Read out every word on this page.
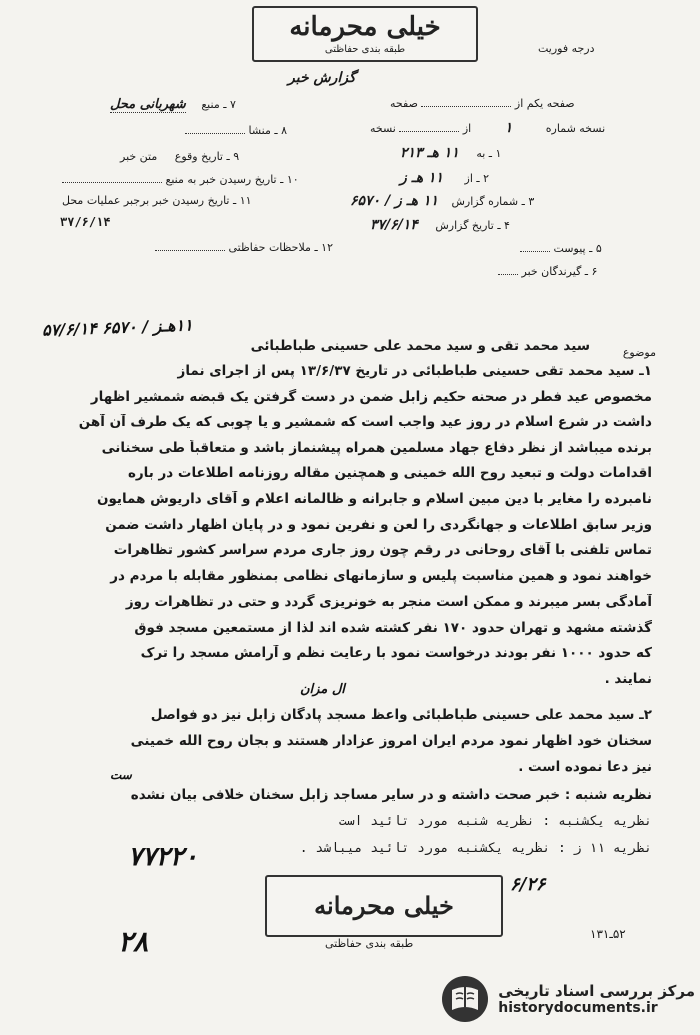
خیلی محرمانه
طبقه بندی حفاظتی	درجه فوریت
گزارش خبر
۷ ـ منبع شهربانی محل
۸ ـ منشا
۹ ـ تاریخ وقوع متن خبر
۱۰ ـ تاریخ رسیدن خبر به منبع
۱۱ ـ تاریخ رسیدن خبر برجبر عملیات محل
۳۷/۶/۱۴
۱۲ ـ ملاحظات حفاظتی
صفحه یکم از  صفحه
نسخه شماره ۱ از  نسخه
۱ ـ به ۱۱ هـ ۲۱۳
۲ ـ از ۱۱ هـ ز
۳ ـ شماره گزارش ۱۱ هـ ز / ۶۵۷۰
۴ ـ تاریخ گزارش ۳۷/۶/۱۴
۵ ـ پیوست
۶ ـ گیرندگان خبر
۱۱هـز / ۶۵۷۰ ۵۷/۶/۱۴
موضوع
سید محمد تقی و سید محمد علی حسینی طباطبائی
۱ـ سید محمد تقی حسینی طباطبائی در تاریخ ۱۳/۶/۳۷ پس از اجرای نماز
مخصوص عید فطر در صحنه حکیم زابل ضمن در دست گرفتن یک قبضه شمشیر اظهار
داشت در شرع اسلام در روز عید واجب است که شمشیر و یا چوبی که یک طرف آن آهن
برنده میباشد از نظر دفاع جهاد مسلمین همراه پیشنماز باشد و متعاقباً طی سخنانی
اقدامات دولت و تبعید روح الله خمینی و همچنین مقاله روزنامه اطلاعات در باره
نامبرده را مغایر با دین مبین اسلام و جابرانه و ظالمانه اعلام و آقای داریوش همایون
وزیر سابق اطلاعات و جهانگردی را لعن و نفرین نمود و در پایان اظهار داشت ضمن
تماس تلفنی با آقای روحانی در رقم چون روز جاری مردم سراسر کشور تظاهرات
خواهند نمود و همین مناسبت پلیس و سازمانهای نظامی بمنظور مقابله با مردم در
آمادگی بسر میبرند و ممکن است منجر به خونریزی گردد و حتی در تظاهرات روز
گذشته مشهد و تهران حدود ۱۷۰ نفر کشته شده اند لذا از مستمعین مسجد فوق
که حدود ۱۰۰۰ نفر بودند درخواست نمود با رعایت نظم و آرامش مسجد را ترک
نمایند .
ال مزان
۲ـ سید محمد علی حسینی طباطبائی واعظ مسجد پادگان زابل نیز دو فواصل
سخنان خود اظهار نمود مردم ایران امروز عزادار هستند و بجان روح الله خمینی
نیز دعا نموده است .
ست
نظریه شنبه : خبر صحت داشته و در سایر مساجد زابل سخنان خلافی بیان نشده
نظریه یکشنبه : نظریه شنبه مورد تائید است
نظریه ۱۱ ز : نظریه یکشنبه مورد تائید میباشد .
۷۷۲۲۰
خیلی محرمانه
۶/۲۶
طبقه بندی حفاظتی
۵۲ـ۱۳۱
۲۸
مرکز بررسی اسناد تاریخی
historydocuments.ir
